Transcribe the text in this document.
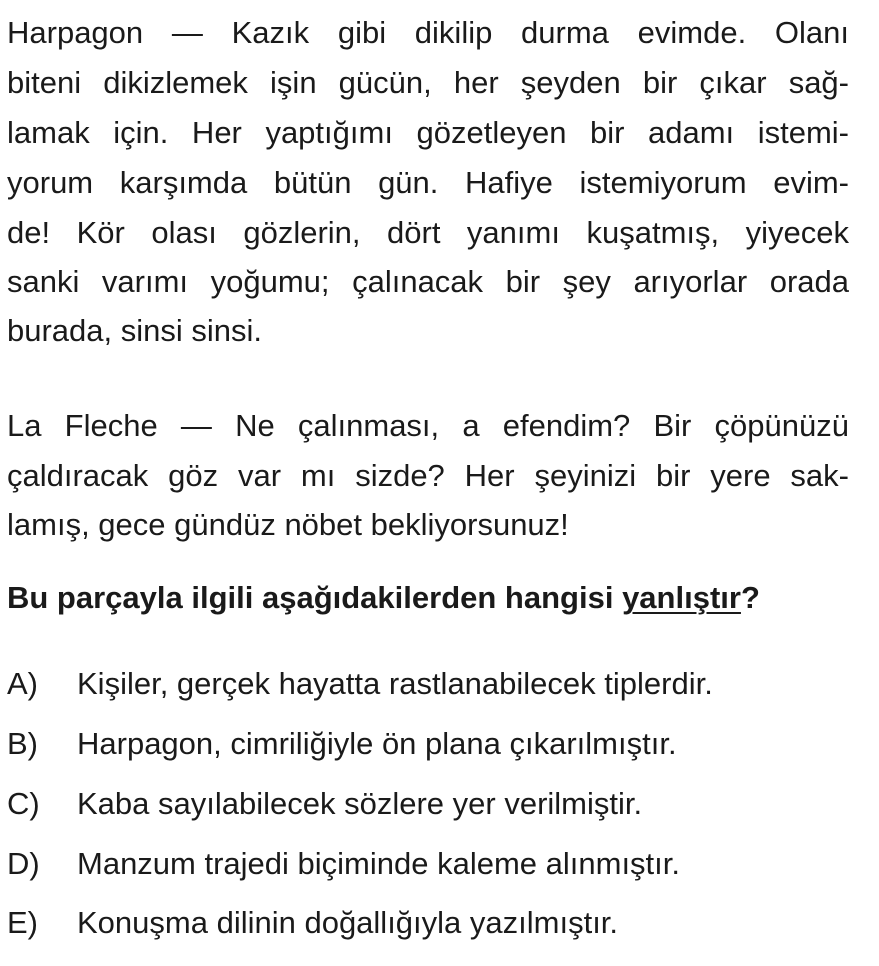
Harpagon — Kazık gibi dikilip durma evimde. Olanı
biteni dikizlemek işin gücün, her şeyden bir çıkar sağ-
lamak için. Her yaptığımı gözetleyen bir adamı istemi-
yorum karşımda bütün gün. Hafiye istemiyorum evim-
de! Kör olası gözlerin, dört yanımı kuşatmış, yiyecek
sanki varımı yoğumu; çalınacak bir şey arıyorlar orada
burada, sinsi sinsi.
La Fleche — Ne çalınması, a efendim? Bir çöpünüzü
çaldıracak göz var mı sizde? Her şeyinizi bir yere sak-
lamış, gece gündüz nöbet bekliyorsunuz!
Bu parçayla ilgili aşağıdakilerden hangisi yanlıştır?
A) Kişiler, gerçek hayatta rastlanabilecek tiplerdir.
B) Harpagon, cimriliğiyle ön plana çıkarılmıştır.
C) Kaba sayılabilecek sözlere yer verilmiştir.
D) Manzum trajedi biçiminde kaleme alınmıştır.
E) Konuşma dilinin doğallığıyla yazılmıştır.
